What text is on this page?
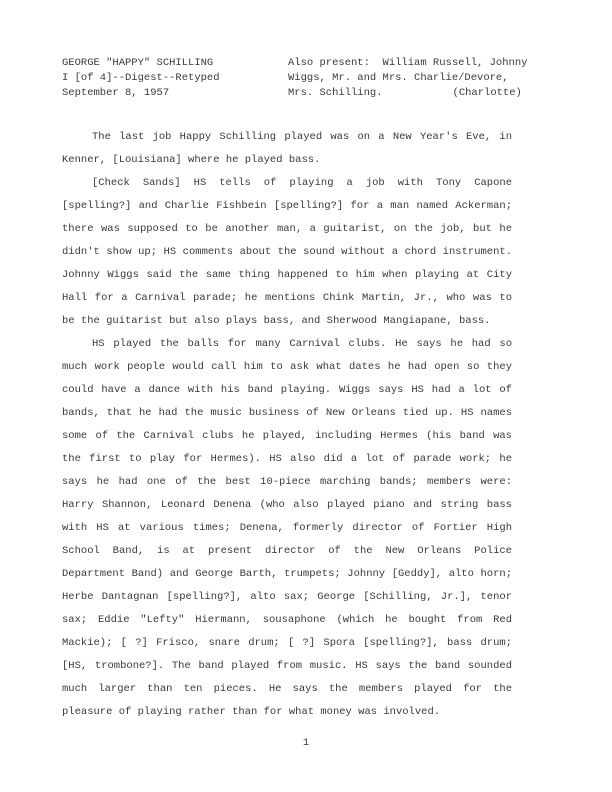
GEORGE "HAPPY" SCHILLING
I [of 4]--Digest--Retyped
September 8, 1957
Also present:  William Russell, Johnny
Wiggs, Mr. and Mrs. Charlie/Devore,
Mrs. Schilling.	(Charlotte)

The last job Happy Schilling played was on a New Year's Eve, in Kenner, [Louisiana] where he played bass.

[Check Sands] HS tells of playing a job with Tony Capone [spelling?] and Charlie Fishbein [spelling?] for a man named Ackerman; there was supposed to be another man, a guitarist, on the job, but he didn't show up; HS comments about the sound without a chord instrument. Johnny Wiggs said the same thing happened to him when playing at City Hall for a Carnival parade; he mentions Chink Martin, Jr., who was to be the guitarist but also plays bass, and Sherwood Mangiapane, bass.

HS played the balls for many Carnival clubs. He says he had so much work people would call him to ask what dates he had open so they could have a dance with his band playing. Wiggs says HS had a lot of bands, that he had the music business of New Orleans tied up. HS names some of the Carnival clubs he played, including Hermes (his band was the first to play for Hermes). HS also did a lot of parade work; he says he had one of the best 10-piece marching bands; members were: Harry Shannon, Leonard Denena (who also played piano and string bass with HS at various times; Denena, formerly director of Fortier High School Band, is at present director of the New Orleans Police Department Band) and George Barth, trumpets; Johnny [Geddy], alto horn; Herbe Dantagnan [spelling?], alto sax; George [Schilling, Jr.], tenor sax; Eddie "Lefty" Hiermann, sousaphone (which he bought from Red Mackie); [ ?] Frisco, snare drum; [ ?] Spora [spelling?], bass drum; [HS, trombone?]. The band played from music. HS says the band sounded much larger than ten pieces. He says the members played for the pleasure of playing rather than for what money was involved.

1
